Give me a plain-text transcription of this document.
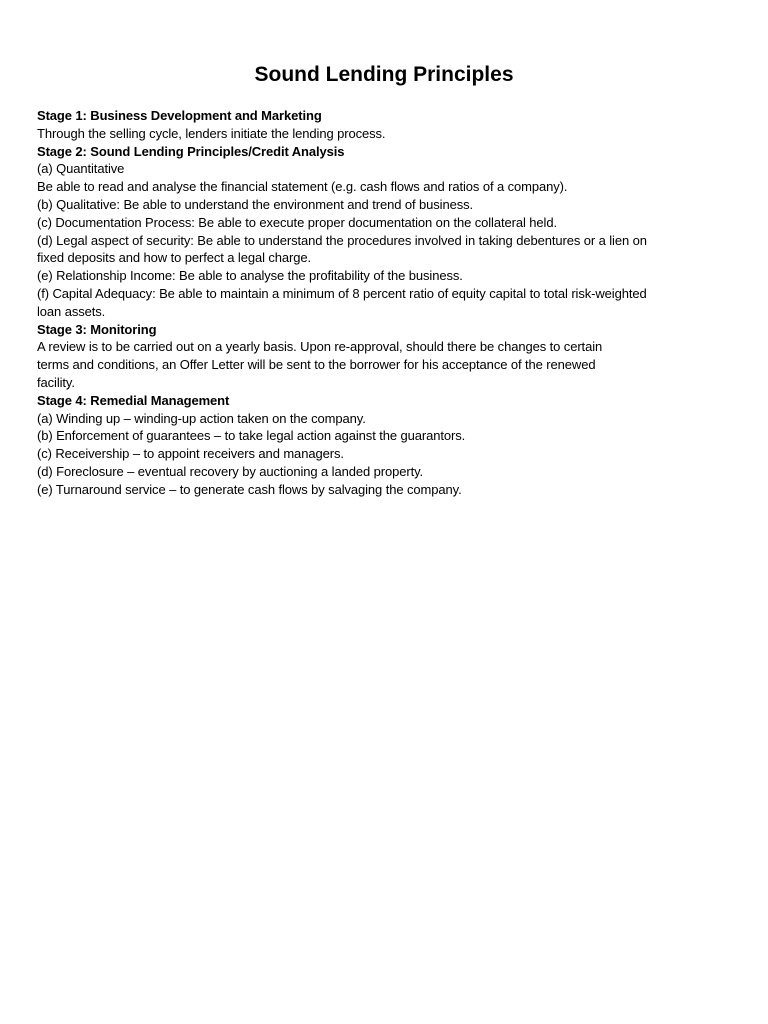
Sound Lending Principles
Stage 1: Business Development and Marketing
Through the selling cycle, lenders initiate the lending process.
Stage 2: Sound Lending Principles/Credit Analysis
(a) Quantitative
Be able to read and analyse the financial statement (e.g. cash flows and ratios of a company).
(b) Qualitative: Be able to understand the environment and trend of business.
(c) Documentation Process: Be able to execute proper documentation on the collateral held.
(d) Legal aspect of security: Be able to understand the procedures involved in taking debentures or a lien on
fixed deposits and how to perfect a legal charge.
(e) Relationship Income: Be able to analyse the profitability of the business.
(f) Capital Adequacy: Be able to maintain a minimum of 8 percent ratio of equity capital to total risk-weighted
loan assets.
Stage 3: Monitoring
A review is to be carried out on a yearly basis. Upon re-approval, should there be changes to certain
terms and conditions, an Offer Letter will be sent to the borrower for his acceptance of the renewed
facility.
Stage 4: Remedial Management
(a) Winding up – winding-up action taken on the company.
(b) Enforcement of guarantees – to take legal action against the guarantors.
(c) Receivership – to appoint receivers and managers.
(d) Foreclosure – eventual recovery by auctioning a landed property.
(e) Turnaround service – to generate cash flows by salvaging the company.
